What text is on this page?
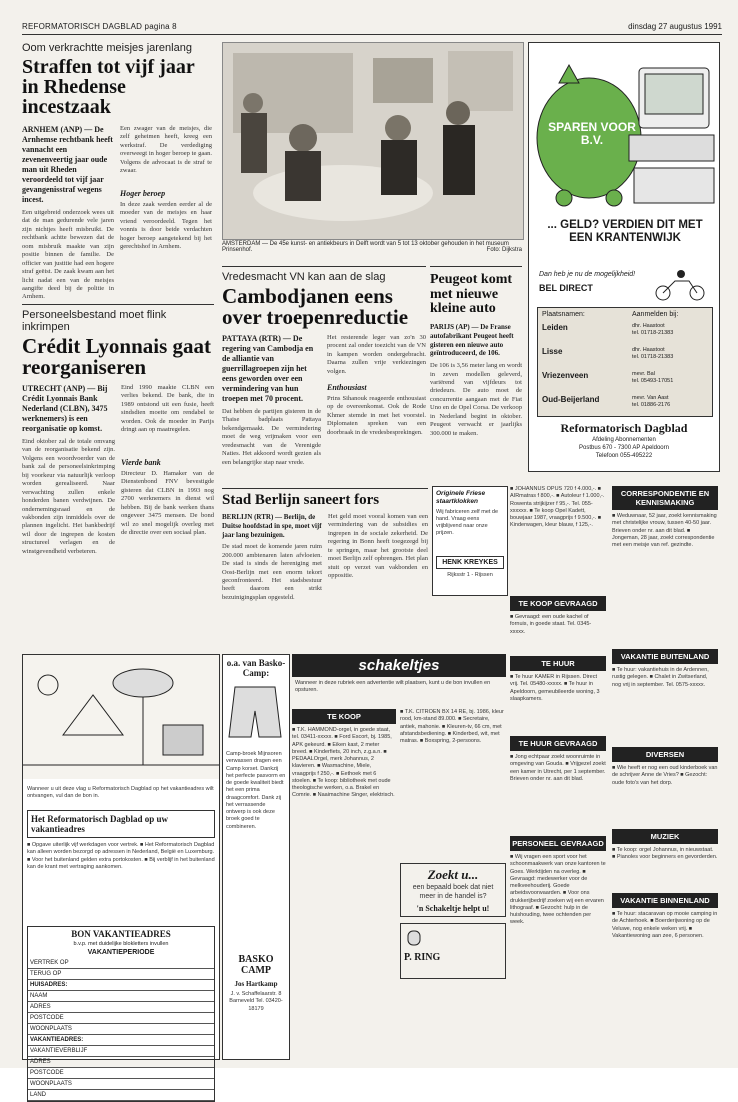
REFORMATORISCH DAGBLAD pagina 8	dinsdag 27 augustus 1991
Oom verkrachtte meisjes jarenlang
Straffen tot vijf jaar in Rhedense incestzaak
ARNHEM (ANP) — De Arnhemse rechtbank heeft vannacht een zevenenveertig jaar oude man uit Rheden veroordeeld tot vijf jaar gevangenisstraf wegens incest.
Een uitgebreid onderzoek wees uit dat de man gedurende vele jaren zijn nichtjes heeft misbruikt. De rechtbank achtte bewezen dat de oom misbruik maakte van zijn positie binnen de familie. De officier van justitie had een hogere straf geëist. De zaak kwam aan het licht nadat een van de meisjes aangifte deed bij de politie in Arnhem.
Een zwager van de meisjes, die zelf geheimen heeft, kreeg een werkstraf. De verdediging overweegt in hoger beroep te gaan. Volgens de advocaat is de straf te zwaar.
Hoger beroep
In deze zaak werden eerder al de moeder van de meisjes en haar vriend veroordeeld. Tegen het vonnis is door beide verdachten hoger beroep aangetekend bij het gerechtshof in Arnhem.	AMSTERDAM — De 45e kunst- en antiekbeurs in Delft wordt van 5 tot 13 oktober gehouden in het museum Prinsenhof.	Foto: Dijkstra
SPAREN VOOR B.V.
... GELD? VERDIEN DIT MET EEN KRANTENWIJK
Dan heb je nu de mogelijkheid!
BEL DIRECT
Plaatsnamen:	Aanmelden bij:
Leiden	dhr. Haastoot
tel. 01718-21383
Lisse	dhr. Haastoot
tel. 01718-21383
Vriezenveen	mevr. Bal
tel. 05493-17051
Oud-Beijerland	mevr. Van Aast
tel. 01886-2176
Reformatorisch Dagblad
Afdeling Abonnementen
Postbus 670 - 7300 AP Apeldoorn
Telefoon 055-495222
Personeelsbestand moet flink inkrimpen
Crédit Lyonnais gaat reorganiseren
UTRECHT (ANP) — Bij Crédit Lyonnais Bank Nederland (CLBN), 3475 werknemers) is een reorganisatie op komst.
Eind oktober zal de totale omvang van de reorganisatie bekend zijn. Volgens een woordvoerder van de bank zal de personeelsinkrimping bij voorkeur via natuurlijk verloop worden gerealiseerd. Naar verwachting zullen enkele honderden banen verdwijnen. De ondernemingsraad en de vakbonden zijn inmiddels over de plannen ingelicht. Het bankbedrijf wil door de ingrepen de kosten structureel verlagen en de winstgevendheid verbeteren.
Eind 1990 maakte CLBN een verlies bekend. De bank, die in 1989 ontstond uit een fusie, heeft sindsdien moeite om rendabel te worden. Ook de moeder in Parijs dringt aan op maatregelen.
Vierde bank
Directeur D. Hamaker van de Dienstenbond FNV bevestigde gisteren dat CLBN in 1993 nog 2700 werknemers in dienst wil hebben. Bij de bank werken thans ongeveer 3475 mensen. De bond wil zo snel mogelijk overleg met de directie over een sociaal plan.
Vredesmacht VN kan aan de slag
Cambodjanen eens over troepenreductie
PATTAYA (RTR) — De regering van Cambodja en de alliantie van guerrillagroepen zijn het eens geworden over een vermindering van hun troepen met 70 procent.
Dat hebben de partijen gisteren in de Thaise badplaats Pattaya bekendgemaakt. De vermindering moet de weg vrijmaken voor een vredesmacht van de Verenigde Naties. Het akkoord wordt gezien als een belangrijke stap naar vrede.
Het resterende leger van zo'n 30 procent zal onder toezicht van de VN in kampen worden ondergebracht. Daarna zullen vrije verkiezingen volgen.
Enthousiast
Prins Sihanouk reageerde enthousiast op de overeenkomst. Ook de Rode Khmer stemde in met het voorstel. Diplomaten spreken van een doorbraak in de vredesbesprekingen.
Peugeot komt met nieuwe kleine auto
PARIJS (AP) — De Franse autofabrikant Peugeot heeft gisteren een nieuwe auto geïntroduceerd, de 106.
De 106 is 3,56 meter lang en wordt in zeven modellen geleverd, variërend van vijfdeurs tot driedeurs. De auto moet de concurrentie aangaan met de Fiat Uno en de Opel Corsa. De verkoop in Nederland begint in oktober. Peugeot verwacht er jaarlijks 300.000 te maken.
Stad Berlijn saneert fors
BERLIJN (RTR) — Berlijn, de Duitse hoofdstad in spe, moet vijf jaar lang bezuinigen.
De stad moet de komende jaren ruim 200.000 ambtenaren laten afvloeien. De stad is sinds de hereniging met Oost-Berlijn met een enorm tekort geconfronteerd. Het stadsbestuur heeft daarom een strikt bezuinigingsplan opgesteld.
Het geld moet vooral komen van een vermindering van de subsidies en ingrepen in de sociale zekerheid. De regering in Bonn heeft toegezegd bij te springen, maar het grootste deel moet Berlijn zelf opbrengen. Het plan stuit op verzet van vakbonden en oppositie.
Originele Friese staartklokken
Wij fabriceren zelf met de hand. Vraag eens vrijblijvend naar onze prijzen.
HENK KREYKES
Rijksstr 1 - Rijssen
■ JOHANNUS OPUS 720 f 4.000,-. ■ AIRmatras f 800,-. ■ Autoleur f 1.000,-. Rowenta strijkijzer f 95,-. Tel. 055-xxxxxx. ■ Te koop Opel Kadett, bouwjaar 1987, vraagprijs f 9.500,-. ■ Kinderwagen, kleur blauw, f 125,-.
TE KOOP GEVRAAGD
■ Gevraagd: een oude kachel of fornuis, in goede staat. Tel. 0345-xxxxx.
TE HUUR
■ Te huur KAMER in Rijssen. Direct vrij. Tel. 05480-xxxxx. ■ Te huur in Apeldoorn, gemeubileerde woning, 3 slaapkamers.
TE HUUR GEVRAAGD
■ Jong echtpaar zoekt woonruimte in omgeving van Gouda. ■ Vrijgezel zoekt een kamer in Utrecht, per 1 september. Brieven onder nr. aan dit blad.
PERSONEEL GEVRAAGD
■ Wij vragen een sport voor het schoonmaakwerk van onze kantoren te Goes. Werktijden na overleg. ■ Gevraagd: medewerker voor de melkveehouderij. Goede arbeidsvoorwaarden. ■ Voor ons drukkerijbedrijf zoeken wij een ervaren lithograaf. ■ Gezocht: hulp in de huishouding, twee ochtenden per week.
CORRESPONDENTIE EN KENNISMAKING
■ Weduwnaar, 52 jaar, zoekt kennismaking met christelijke vrouw, tussen 40-50 jaar. Brieven onder nr. aan dit blad. ■ Jongeman, 28 jaar, zoekt correspondentie met een meisje van ref. gezindte.
VAKANTIE BUITENLAND
■ Te huur: vakantiehuis in de Ardennen, rustig gelegen. ■ Chalet in Zwitserland, nog vrij in september. Tel. 0575-xxxxx.
DIVERSEN
■ Wie heeft er nog een oud kinderboek van de schrijver Anne de Vries? ■ Gezocht: oude foto's van het dorp.
MUZIEK
■ Te koop: orgel Johannus, in nieuwstaat. ■ Pianoles voor beginners en gevorderden.
VAKANTIE BINNENLAND
■ Te huur: stacaravan op mooie camping in de Achterhoek. ■ Boerderijwoning op de Veluwe, nog enkele weken vrij. ■ Vakantiewoning aan zee, 6 personen.
Wanneer u uit deze vlag u Reformatorisch Dagblad op het vakantieadres wilt ontvangen, vul dan de bon in.
Het Reformatorisch Dagblad op uw vakantieadres
■ Opgave uiterlijk vijf werkdagen voor vertrek. ■ Het Reformatorisch Dagblad kan alleen worden bezorgd op adressen in Nederland, België en Luxemburg. ■ Voor het buitenland gelden extra portokosten. ■ Bij verblijf in het buitenland kan de krant met vertraging aankomen.
BON VAKANTIEADRES
b.v.p. met duidelijke blokletters invullen
VAKANTIEPERIODE
VERTREK OP
TERUG OP
HUISADRES:
NAAM
ADRES
POSTCODE
WOONPLAATS
VAKANTIEADRES:
VAKANTIEVERBLIJF
ADRES
POSTCODE
WOONPLAATS
LAND
o.a. van Basko-Camp:
Camp-broek Mijnsoren verwassen dragen een Camp korset. Dankzij het perfecte pasvorm en de goede kwaliteit biedt het een prima draagcomfort. Dank zij het verrassende ontwerp is ook deze broek goed te combineren.
BASKO CAMP
Jos Hartkamp
J. v. Schaffelaarstr. 8 Barneveld Tel. 03420-18179
schakeltjes
Wanneer in deze rubriek een advertentie wilt plaatsen, kunt u de bon invullen en opsturen.
TE KOOP
■ T.K. HAMMOND-orgel, in goede staat, tel. 03411-xxxxx. ■ Ford Escort, bj. 1985, APK gekeurd. ■ Eiken kast, 2 meter breed. ■ Kinderfiets, 20 inch, z.g.a.n. ■ PEDAALOrgel, merk Johannus, 2 klavieren. ■ Wasmachine, Miele, vraagprijs f 250,-. ■ Eethoek met 6 stoelen. ■ Te koop: bibliotheek met oude theologische werken, o.a. Brakel en Comrie. ■ Naaimachine Singer, elektrisch.
■ T.K. CITROEN BX 14 RE, bj. 1986, kleur rood, km-stand 89.000. ■ Secretaire, antiek, mahonie. ■ Kleuren-tv, 66 cm, met afstandsbediening. ■ Kinderbed, wit, met matras. ■ Boxspring, 2-persoons.
Zoekt u...
een bepaald boek dat niet meer in de handel is?
'n Schakeltje helpt u!
P. RING
